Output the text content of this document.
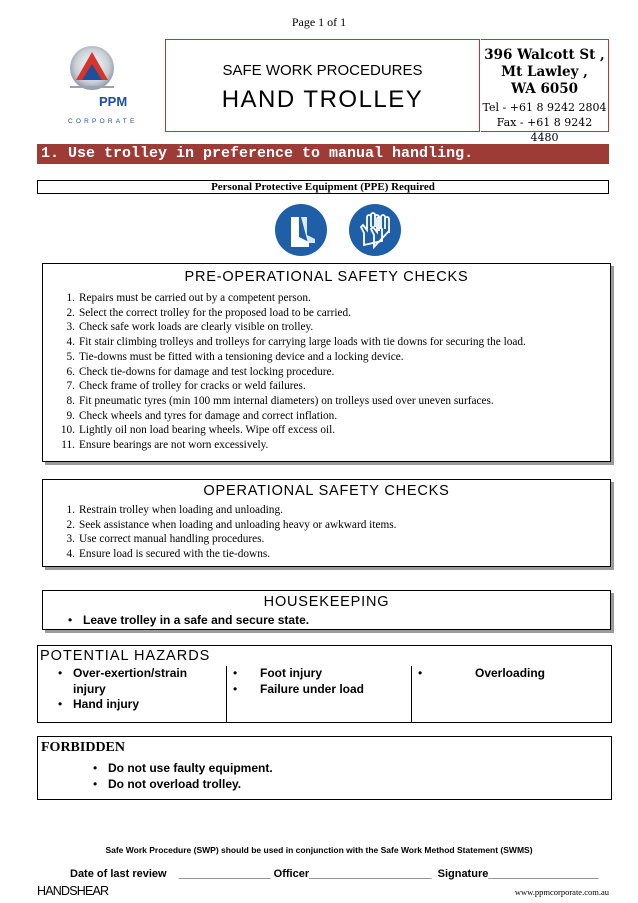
Page 1 of 1
PPM
CORPORATE
SAFE WORK PROCEDURES
HAND TROLLEY
396 Walcott St ,
Mt Lawley ,
WA 6050
Tel - +61 8 9242 2804
Fax - +61 8 9242 4480
1. Use trolley in preference to manual handling.
Personal Protective Equipment (PPE) Required
PRE-OPERATIONAL SAFETY CHECKS
1. Repairs must be carried out by a competent person.
2. Select the correct trolley for the proposed load to be carried.
3. Check safe work loads are clearly visible on trolley.
4. Fit stair climbing trolleys and trolleys for carrying large loads with tie downs for securing the load.
5. Tie-downs must be fitted with a tensioning device and a locking device.
6. Check tie-downs for damage and test locking procedure.
7. Check frame of trolley for cracks or weld failures.
8. Fit pneumatic tyres (min 100 mm internal diameters) on trolleys used over uneven surfaces.
9. Check wheels and tyres for damage and correct inflation.
10. Lightly oil non load bearing wheels. Wipe off excess oil.
11. Ensure bearings are not worn excessively.
OPERATIONAL SAFETY CHECKS
1. Restrain trolley when loading and unloading.
2. Seek assistance when loading and unloading heavy or awkward items.
3. Use correct manual handling procedures.
4. Ensure load is secured with the tie-downs.
HOUSEKEEPING
• Leave trolley in a safe and secure state.
POTENTIAL HAZARDS
• Over-exertion/strain injury
• Hand injury
• Foot injury
• Failure under load
• Overloading
FORBIDDEN
• Do not use faulty equipment.
• Do not overload trolley.
Safe Work Procedure (SWP) should be used in conjunction with the Safe Work Method Statement (SWMS)
Date of last review _______________ Officer____________________ Signature__________________
HANDSHEAR	www.ppmcorporate.com.au
